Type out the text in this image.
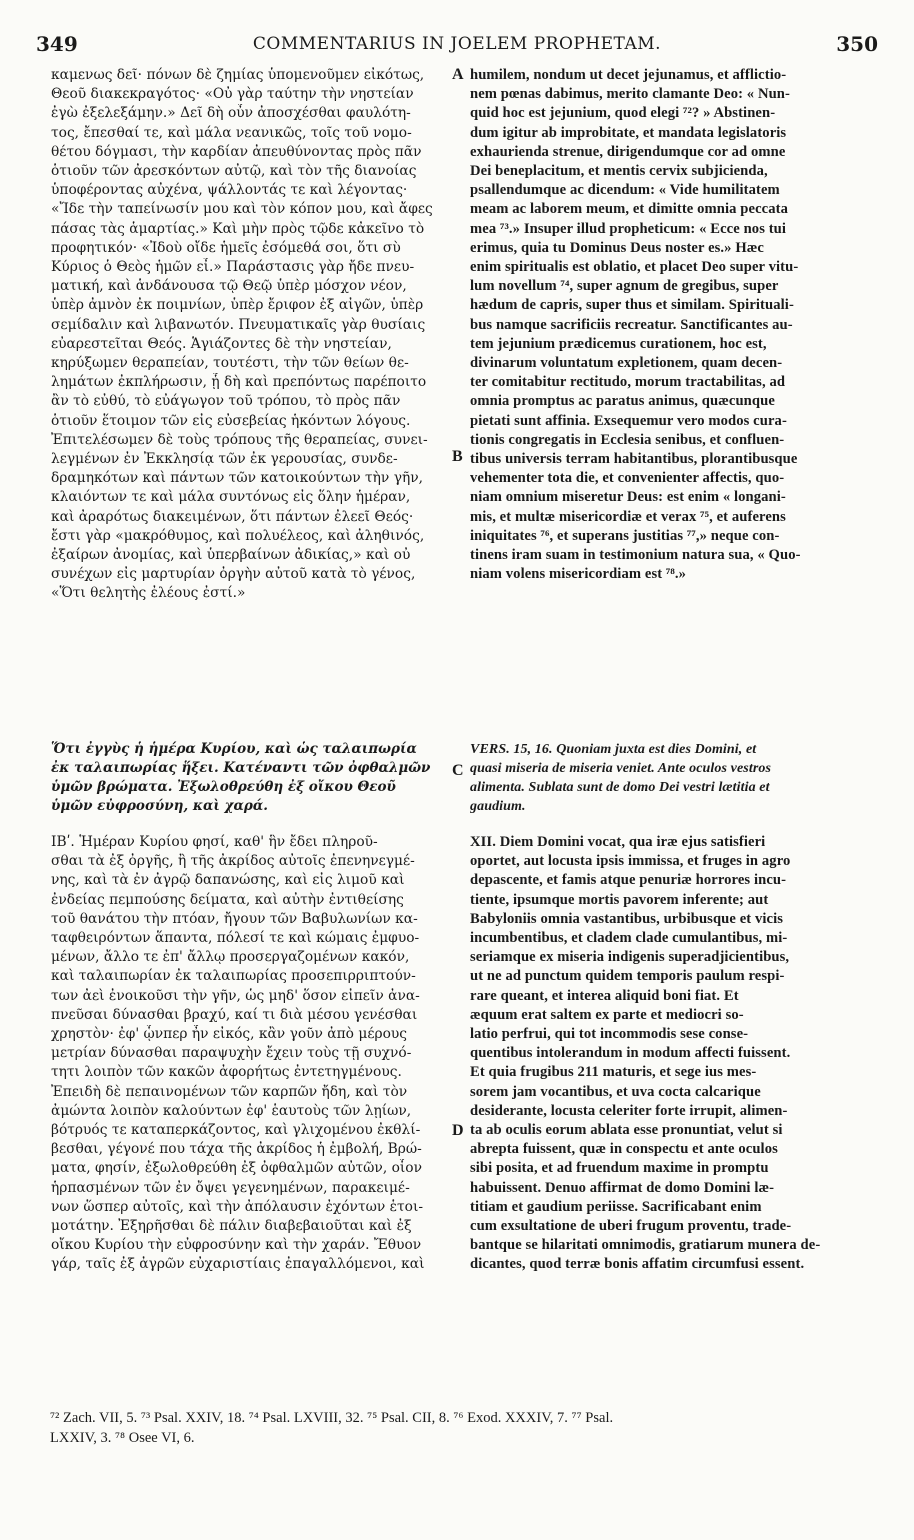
349	COMMENTARIUS IN JOELEM PROPHETAM.	350

καμενως δεῖ· πόνων δὲ ζημίας ὑπομενοῦμεν εἰκότως,

Θεοῦ διακεκραγότος· «Οὐ γὰρ ταύτην τὴν νηστείαν

ἐγὼ ἐξελεξάμην.» Δεῖ δὴ οὖν ἀποσχέσθαι φαυλότη-

τος, ἔπεσθαί τε, καὶ μάλα νεανικῶς, τοῖς τοῦ νομο-

θέτου δόγμασι, τὴν καρδίαν ἀπευθύνοντας πρὸς πᾶν

ὁτιοῦν τῶν ἀρεσκόντων αὐτῷ, καὶ τὸν τῆς διανοίας

ὑποφέροντας αὐχένα, ψάλλοντάς τε καὶ λέγοντας·

«Ἴδε τὴν ταπείνωσίν μου καὶ τὸν κόπον μου, καὶ ἄφες

πάσας τὰς ἁμαρτίας.» Καὶ μὴν πρὸς τῷδε κἀκεῖνο τὸ

προφητικόν· «Ἰδοὺ οἴδε ἡμεῖς ἐσόμεθά σοι, ὅτι σὺ

Κύριος ὁ Θεὸς ἡμῶν εἶ.» Παράστασις γὰρ ἤδε πνευ-

ματική, καὶ ἁνδάνουσα τῷ Θεῷ ὑπὲρ μόσχον νέον,

ὑπὲρ ἀμνὸν ἐκ ποιμνίων, ὑπὲρ ἔριφον ἐξ αἰγῶν, ὑπὲρ

σεμίδαλιν καὶ λιβανωτόν. Πνευματικαῖς γὰρ θυσίαις

εὐαρεστεῖται Θεός. Ἁγιάζοντες δὲ τὴν νηστείαν,

κηρύξωμεν θεραπείαν, τουτέστι, τὴν τῶν θείων θε-

λημάτων ἐκπλήρωσιν, ᾗ δὴ καὶ πρεπόντως παρέποιτο

ἂν τὸ εὐθύ, τὸ εὐάγωγον τοῦ τρόπου, τὸ πρὸς πᾶν

ὁτιοῦν ἕτοιμον τῶν εἰς εὐσεβείας ἡκόντων λόγους.

Ἐπιτελέσωμεν δὲ τοὺς τρόπους τῆς θεραπείας, συνει-

λεγμένων ἐν Ἐκκλησίᾳ τῶν ἐκ γερουσίας, συνδε-

δραμηκότων καὶ πάντων τῶν κατοικούντων τὴν γῆν,

κλαιόντων τε καὶ μάλα συντόνως εἰς ὅλην ἡμέραν,

καὶ ἀραρότως διακειμένων, ὅτι πάντων ἐλεεῖ Θεός·

ἔστι γὰρ «μακρόθυμος, καὶ πολυέλεος, καὶ ἀληθινός,

ἐξαίρων ἀνομίας, καὶ ὑπερβαίνων ἀδικίας,» καὶ οὐ

συνέχων εἰς μαρτυρίαν ὀργὴν αὐτοῦ κατὰ τὸ γένος,

«Ὅτι θελητὴς ἐλέους ἐστί.»

humilem, nondum ut decet jejunamus, et afflictio-

nem pœnas dabimus, merito clamante Deo: « Nun-

quid hoc est jejunium, quod elegi ⁷²? » Abstinen-

dum igitur ab improbitate, et mandata legislatoris

exhaurienda strenue, dirigendumque cor ad omne

Dei beneplacitum, et mentis cervix subjicienda,

psallendumque ac dicendum: « Vide humilitatem

meam ac laborem meum, et dimitte omnia peccata

mea ⁷³.» Insuper illud propheticum: « Ecce nos tui

erimus, quia tu Dominus Deus noster es.» Hæc

enim spiritualis est oblatio, et placet Deo super vitu-

lum novellum ⁷⁴, super agnum de gregibus, super

hædum de capris, super thus et similam. Spirituali-

bus namque sacrificiis recreatur. Sanctificantes au-

tem jejunium prædicemus curationem, hoc est,

divinarum voluntatum expletionem, quam decen-

ter comitabitur rectitudo, morum tractabilitas, ad

omnia promptus ac paratus animus, quæcunque

pietati sunt affinia. Exsequemur vero modos cura-

tionis congregatis in Ecclesia senibus, et confluen-

tibus universis terram habitantibus, plorantibusque

vehementer tota die, et convenienter affectis, quo-

niam omnium miseretur Deus: est enim « longani-

mis, et multæ misericordiæ et verax ⁷⁵, et auferens

iniquitates ⁷⁶, et superans justitias ⁷⁷,» neque con-

tinens iram suam in testimonium natura sua, « Quo-

niam volens misericordiam est ⁷⁸.»

Ὅτι ἐγγὺς ἡ ἡμέρα Κυρίου, καὶ ὡς ταλαιπωρία

ἐκ ταλαιπωρίας ἥξει. Κατέναντι τῶν ὀφθαλμῶν

ὑμῶν βρώματα. Ἐξωλοθρεύθη ἐξ οἴκου Θεοῦ

ὑμῶν εὐφροσύνη, καὶ χαρά.

VERS. 15, 16. Quoniam juxta est dies Domini, et

quasi miseria de miseria veniet. Ante oculos vestros

alimenta. Sublata sunt de domo Dei vestri lætitia et

gaudium.

ΙΒʹ. Ἡμέραν Κυρίου φησί, καθ' ἣν ἔδει πληροῦ-

σθαι τὰ ἐξ ὀργῆς, ἢ τῆς ἀκρίδος αὐτοῖς ἐπενηνεγμέ-

νης, καὶ τὰ ἐν ἀγρῷ δαπανώσης, καὶ εἰς λιμοῦ καὶ

ἐνδείας πεμπούσης δείματα, καὶ αὐτὴν ἐντιθείσης

τοῦ θανάτου τὴν πτόαν, ἤγουν τῶν Βαβυλωνίων κα-

ταφθειρόντων ἅπαντα, πόλεσί τε καὶ κώμαις ἐμφυο-

μένων, ἄλλο τε ἐπ' ἄλλῳ προσεργαζομένων κακόν,

καὶ ταλαιπωρίαν ἐκ ταλαιπωρίας προσεπιρριπτούν-

των ἀεὶ ἐνοικοῦσι τὴν γῆν, ὡς μηδ' ὅσον εἰπεῖν ἀνα-

πνεῦσαι δύνασθαι βραχύ, καί τι διὰ μέσου γενέσθαι

χρηστὸν· ἐφ' ᾧνπερ ἦν εἰκός, κἂν γοῦν ἀπὸ μέρους

μετρίαν δύνασθαι παραψυχὴν ἔχειν τοὺς τῇ συχνό-

τητι λοιπὸν τῶν κακῶν ἀφορήτως ἐντετηγμένους.

Ἐπειδὴ δὲ πεπαινομένων τῶν καρπῶν ἤδη, καὶ τὸν

ἀμώντα λοιπὸν καλούντων ἐφ' ἑαυτοὺς τῶν λῃίων,

βότρυός τε καταπερκάζοντος, καὶ γλιχομένου ἐκθλί-

βεσθαι, γέγονέ που τάχα τῆς ἀκρίδος ἡ ἐμβολή, Βρώ-

ματα, φησίν, ἐξωλοθρεύθη ἐξ ὀφθαλμῶν αὐτῶν, οἷον

ἡρπασμένων τῶν ἐν ὄψει γεγενημένων, παρακειμέ-

νων ὥσπερ αὐτοῖς, καὶ τὴν ἀπόλαυσιν ἐχόντων ἑτοι-

μοτάτην. Ἐξηρῆσθαι δὲ πάλιν διαβεβαιοῦται καὶ ἐξ

οἴκου Κυρίου τὴν εὐφροσύνην καὶ τὴν χαράν. Ἔθυον

γάρ, ταῖς ἐξ ἀγρῶν εὐχαριστίαις ἐπαγαλλόμενοι, καὶ

XII. Diem Domini vocat, qua iræ ejus satisfieri

oportet, aut locusta ipsis immissa, et fruges in agro

depascente, et famis atque penuriæ horrores incu-

tiente, ipsumque mortis pavorem inferente; aut

Babyloniis omnia vastantibus, urbibusque et vicis

incumbentibus, et cladem clade cumulantibus, mi-

seriamque ex miseria indigenis superadjicientibus,

ut ne ad punctum quidem temporis paulum respi-

rare queant, et interea aliquid boni fiat. Et

æquum erat saltem ex parte et mediocri so-

latio perfrui, qui tot incommodis sese conse-

quentibus intolerandum in modum affecti fuissent.

Et quia frugibus 211 maturis, et sege ius mes-

sorem jam vocantibus, et uva cocta calcarique

desiderante, locusta celeriter forte irrupit, alimen-

ta ab oculis eorum ablata esse pronuntiat, velut si

abrepta fuissent, quæ in conspectu et ante oculos

sibi posita, et ad fruendum maxime in promptu

habuissent. Denuo affirmat de domo Domini læ-

titiam et gaudium periisse. Sacrificabant enim

cum exsultatione de uberi frugum proventu, trade-

bantque se hilaritati omnimodis, gratiarum munera de-

dicantes, quod terræ bonis affatim circumfusi essent.

A
B
C
D

⁷² Zach. VII, 5. ⁷³ Psal. XXIV, 18. ⁷⁴ Psal. LXVIII, 32. ⁷⁵ Psal. CII, 8. ⁷⁶ Exod. XXXIV, 7. ⁷⁷ Psal.

LXXIV, 3. ⁷⁸ Osee VI, 6.
